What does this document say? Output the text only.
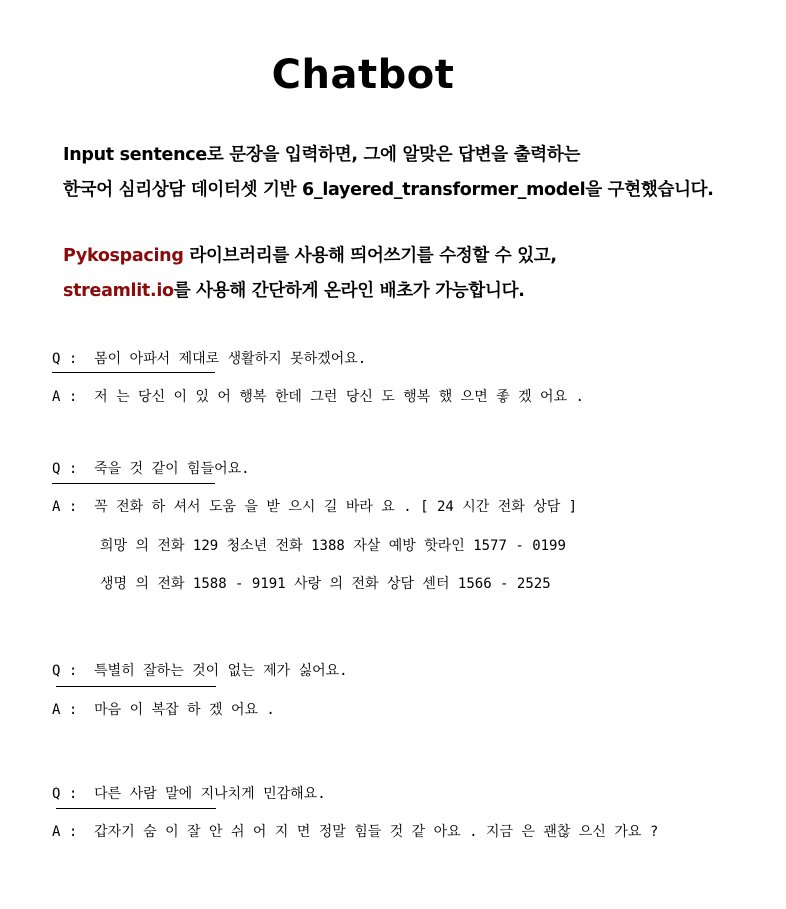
Chatbot
Input sentence로 문장을 입력하면, 그에 알맞은 답변을 출력하는
한국어 심리상담 데이터셋 기반 6_layered_transformer_model을 구현했습니다.
Pykospacing 라이브러리를 사용해 띄어쓰기를 수정할 수 있고,
streamlit.io를 사용해 간단하게 온라인 배초가 가능합니다.
Q :  몸이 아파서 제대로 생활하지 못하겠어요.
A :  저 는 당신 이 있 어 행복 한데 그런 당신 도 행복 했 으면 좋 겠 어요 .
Q :  죽을 것 같이 힘들어요.
A :  꼭 전화 하 셔서 도움 을 받 으시 길 바라 요 . [ 24 시간 전화 상담 ]
희망 의 전화 129 청소년 전화 1388 자살 예방 핫라인 1577 - 0199
생명 의 전화 1588 - 9191 사랑 의 전화 상담 센터 1566 - 2525
Q :  특별히 잘하는 것이 없는 제가 싫어요.
A :  마음 이 복잡 하 겠 어요 .
Q :  다른 사람 말에 지나치게 민감해요.
A :  갑자기 숨 이 잘 안 쉬 어 지 면 정말 힘들 것 같 아요 . 지금 은 괜찮 으신 가요 ?
